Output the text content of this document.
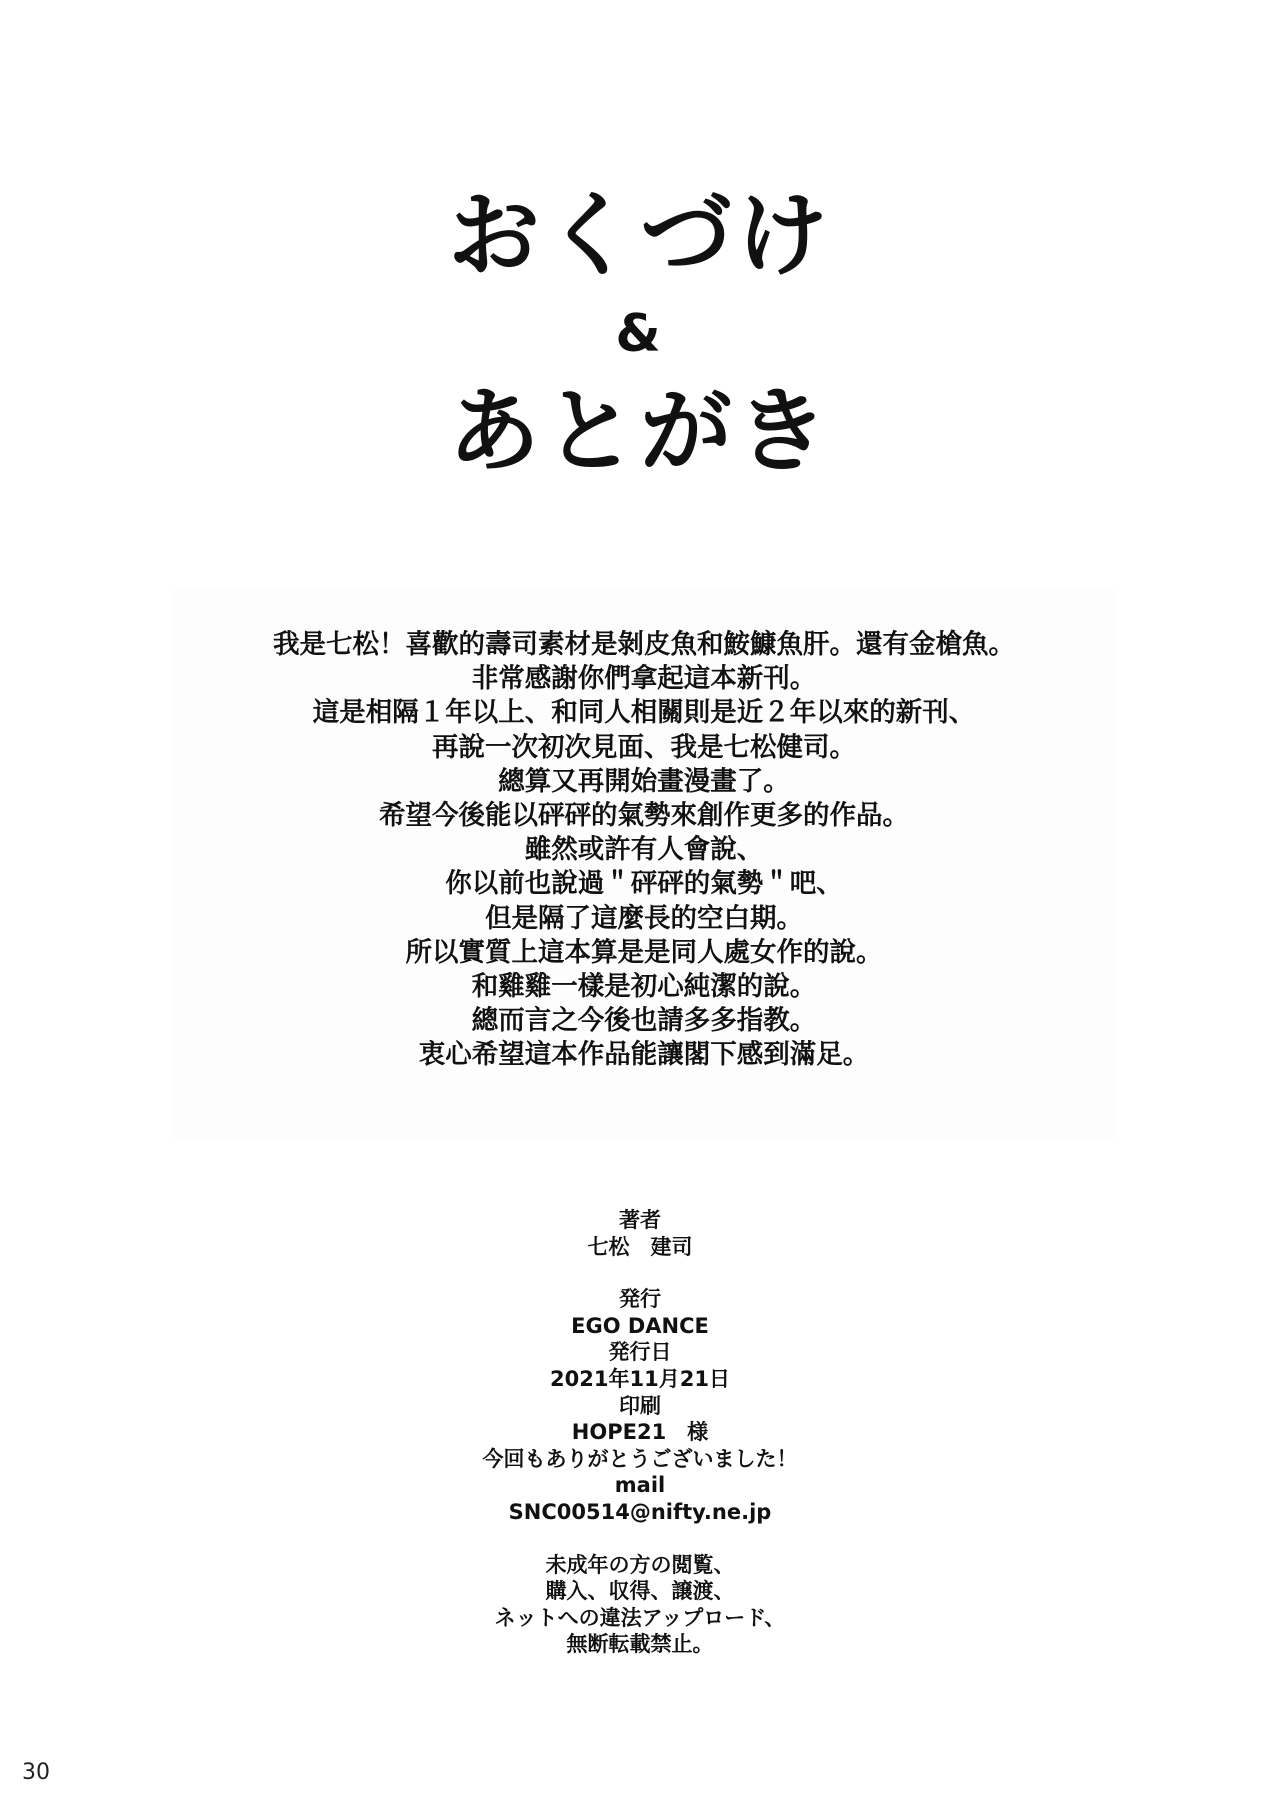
おくづけ
&
あとがき
我是七松！喜歡的壽司素材是剝皮魚和鮟鱇魚肝。還有金槍魚。
非常感謝你們拿起這本新刊。
這是相隔１年以上、和同人相關則是近２年以來的新刊、
再說一次初次見面、我是七松健司。
總算又再開始畫漫畫了。
希望今後能以砰砰的氣勢來創作更多的作品。
雖然或許有人會說、
你以前也說過＂砰砰的氣勢＂吧、
但是隔了這麼長的空白期。
所以實質上這本算是是同人處女作的說。
和雞雞一樣是初心純潔的說。
總而言之今後也請多多指教。
衷心希望這本作品能讓閣下感到滿足。
著者
七松　建司
発行
EGO DANCE
発行日
2021年11月21日
印刷
HOPE21　様
今回もありがとうございました！
mail
SNC00514@nifty.ne.jp
未成年の方の閲覧、
購入、収得、譲渡、
ネットへの違法アップロード、
無断転載禁止。
30
